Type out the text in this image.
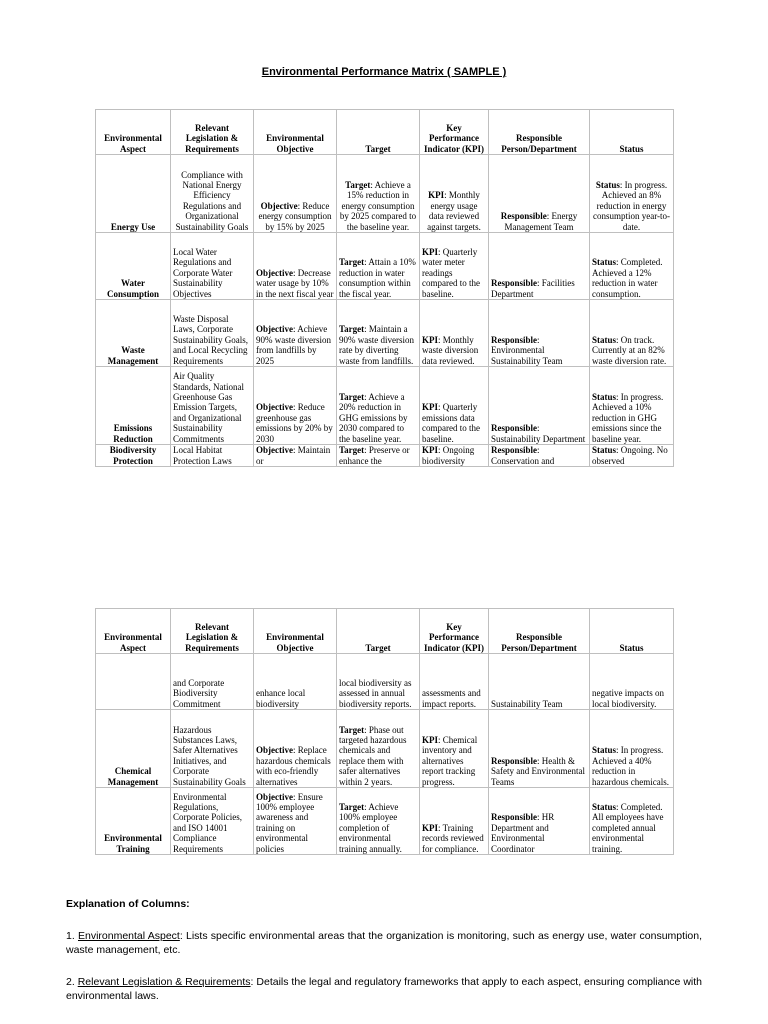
Environmental Performance Matrix ( SAMPLE )
Environmental Aspect	Relevant Legislation & Requirements	Environmental Objective	Target	Key Performance Indicator (KPI)	Responsible Person/Department	Status
Energy Use	Compliance with National Energy Efficiency Regulations and Organizational Sustainability Goals	Objective: Reduce energy consumption by 15% by 2025	Target: Achieve a 15% reduction in energy consumption by 2025 compared to the baseline year.	KPI: Monthly energy usage data reviewed against targets.	Responsible: Energy Management Team	Status: In progress. Achieved an 8% reduction in energy consumption year-to-date.
Water Consumption	Local Water Regulations and Corporate Water Sustainability Objectives	Objective: Decrease water usage by 10% in the next fiscal year	Target: Attain a 10% reduction in water consumption within the fiscal year.	KPI: Quarterly water meter readings compared to the baseline.	Responsible: Facilities Department	Status: Completed. Achieved a 12% reduction in water consumption.
Waste Management	Waste Disposal Laws, Corporate Sustainability Goals, and Local Recycling Requirements	Objective: Achieve 90% waste diversion from landfills by 2025	Target: Maintain a 90% waste diversion rate by diverting waste from landfills.	KPI: Monthly waste diversion data reviewed.	Responsible: Environmental Sustainability Team	Status: On track. Currently at an 82% waste diversion rate.
Emissions Reduction	Air Quality Standards, National Greenhouse Gas Emission Targets, and Organizational Sustainability Commitments	Objective: Reduce greenhouse gas emissions by 20% by 2030	Target: Achieve a 20% reduction in GHG emissions by 2030 compared to the baseline year.	KPI: Quarterly emissions data compared to the baseline.	Responsible: Sustainability Department	Status: In progress. Achieved a 10% reduction in GHG emissions since the baseline year.
Biodiversity Protection	Local Habitat Protection Laws	Objective: Maintain or	Target: Preserve or enhance the	KPI: Ongoing biodiversity	Responsible: Conservation and	Status: Ongoing. No observed
Environmental Aspect	Relevant Legislation & Requirements	Environmental Objective	Target	Key Performance Indicator (KPI)	Responsible Person/Department	Status
	and Corporate Biodiversity Commitment	enhance local biodiversity	local biodiversity as assessed in annual biodiversity reports.	assessments and impact reports.	Sustainability Team	negative impacts on local biodiversity.
Chemical Management	Hazardous Substances Laws, Safer Alternatives Initiatives, and Corporate Sustainability Goals	Objective: Replace hazardous chemicals with eco-friendly alternatives	Target: Phase out targeted hazardous chemicals and replace them with safer alternatives within 2 years.	KPI: Chemical inventory and alternatives report tracking progress.	Responsible: Health & Safety and Environmental Teams	Status: In progress. Achieved a 40% reduction in hazardous chemicals.
Environmental Training	Environmental Regulations, Corporate Policies, and ISO 14001 Compliance Requirements	Objective: Ensure 100% employee awareness and training on environmental policies	Target: Achieve 100% employee completion of environmental training annually.	KPI: Training records reviewed for compliance.	Responsible: HR Department and Environmental Coordinator	Status: Completed. All employees have completed annual environmental training.
Explanation of Columns:
1. Environmental Aspect: Lists specific environmental areas that the organization is monitoring, such as energy use, water consumption, waste management, etc.
2. Relevant Legislation & Requirements: Details the legal and regulatory frameworks that apply to each aspect, ensuring compliance with environmental laws.
